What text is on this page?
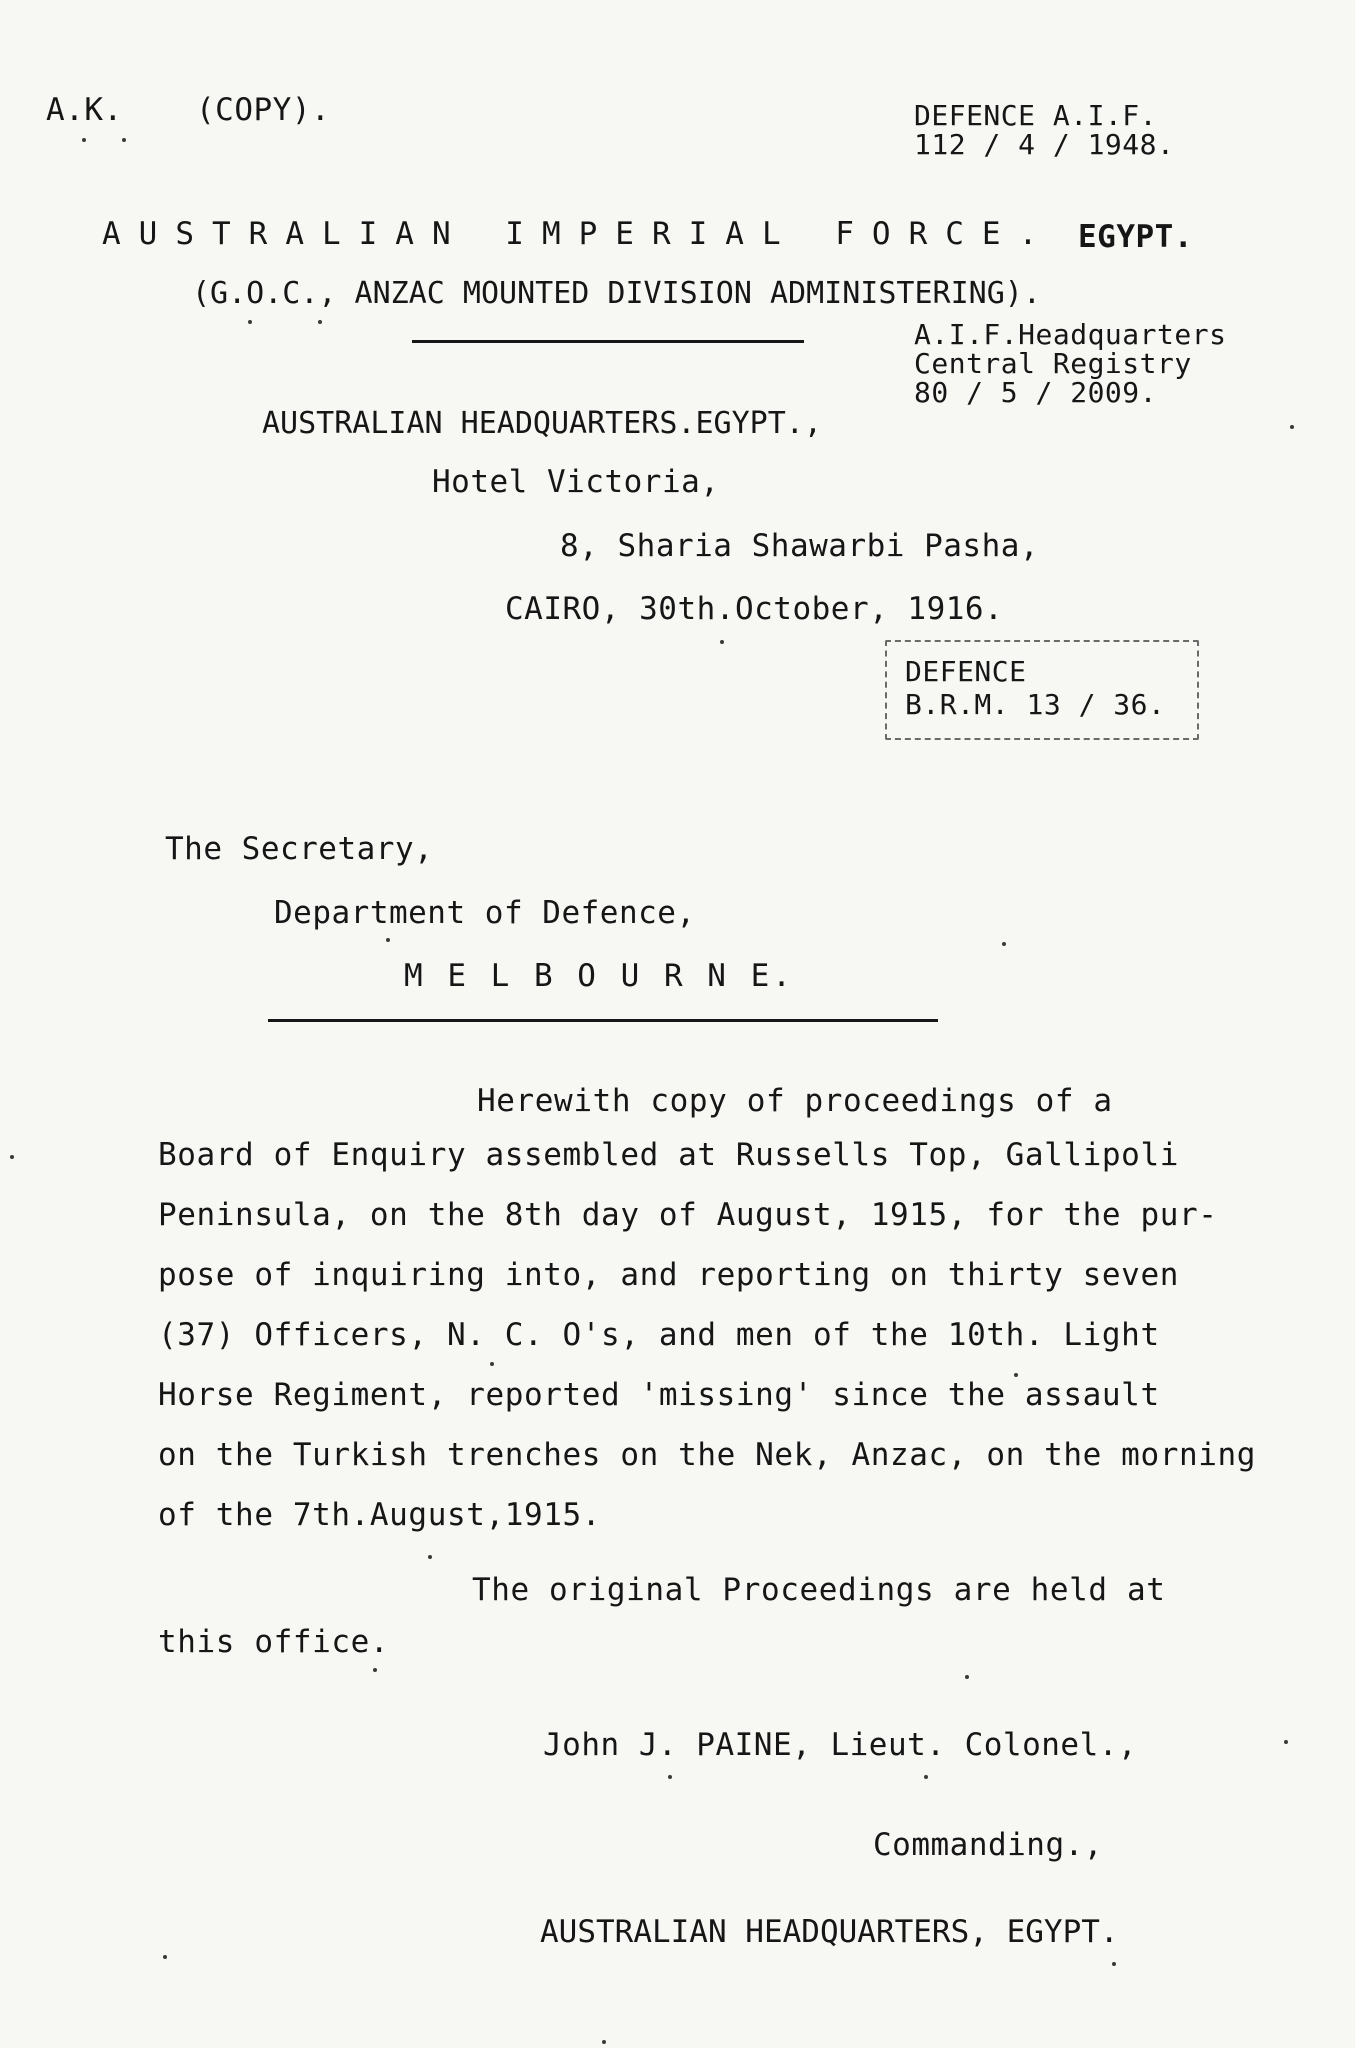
A.K. (COPY).	DEFENCE A.I.F.
112 / 4 / 1948.
AUSTRALIAN IMPERIAL FORCE. EGYPT.
(G.O.C., ANZAC MOUNTED DIVISION ADMINISTERING).
A.I.F.Headquarters
Central Registry
80 / 5 / 2009.
AUSTRALIAN HEADQUARTERS.EGYPT.,
Hotel Victoria,
8, Sharia Shawarbi Pasha,
CAIRO, 30th.October, 1916.
DEFENCE
B.R.M. 13 / 36.
The Secretary,
Department of Defence,
M E L B O U R N E.
Herewith copy of proceedings of a
Board of Enquiry assembled at Russells Top, Gallipoli
Peninsula, on the 8th day of August, 1915, for the pur-
pose of inquiring into, and reporting on thirty seven
(37) Officers, N. C. O's, and men of the 10th. Light
Horse Regiment, reported 'missing' since the assault
on the Turkish trenches on the Nek, Anzac, on the morning
of the 7th.August,1915.
The original Proceedings are held at
this office.
John J. PAINE, Lieut. Colonel.,
Commanding.,
AUSTRALIAN HEADQUARTERS, EGYPT.
